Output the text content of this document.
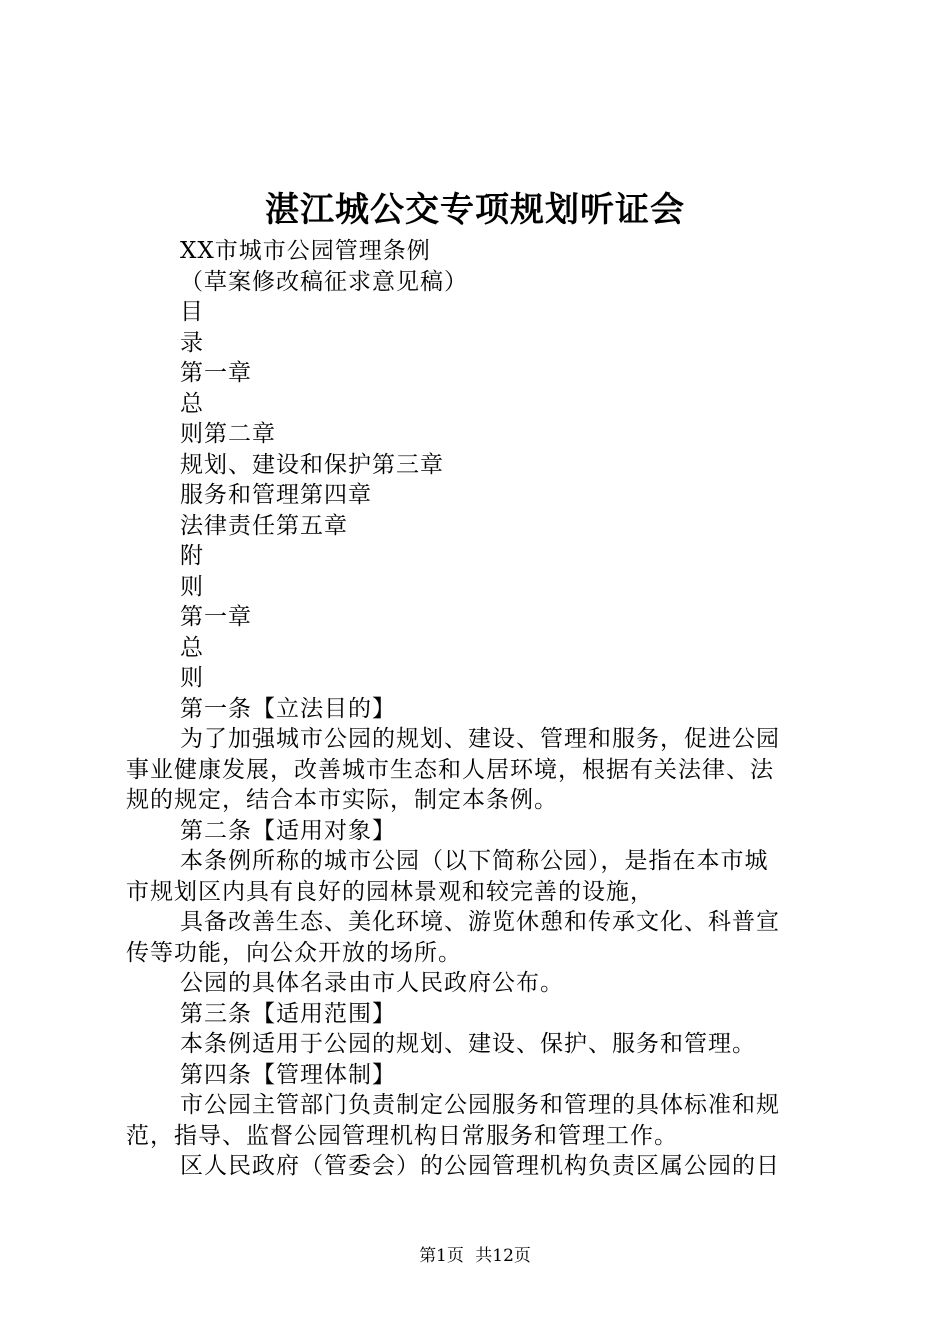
湛江城公交专项规划听证会
XX市城市公园管理条例
（草案修改稿征求意见稿）
目
录
第一章
总
则第二章
规划、建设和保护第三章
服务和管理第四章
法律责任第五章
附
则
第一章
总
则
第一条【立法目的】
为了加强城市公园的规划、建设、管理和服务，促进公园
事业健康发展，改善城市生态和人居环境，根据有关法律、法
规的规定，结合本市实际，制定本条例。
第二条【适用对象】
本条例所称的城市公园（以下简称公园），是指在本市城
市规划区内具有良好的园林景观和较完善的设施，
具备改善生态、美化环境、游览休憩和传承文化、科普宣
传等功能，向公众开放的场所。
公园的具体名录由市人民政府公布。
第三条【适用范围】
本条例适用于公园的规划、建设、保护、服务和管理。
第四条【管理体制】
市公园主管部门负责制定公园服务和管理的具体标准和规
范，指导、监督公园管理机构日常服务和管理工作。
区人民政府（管委会）的公园管理机构负责区属公园的日
第1页 共12页
